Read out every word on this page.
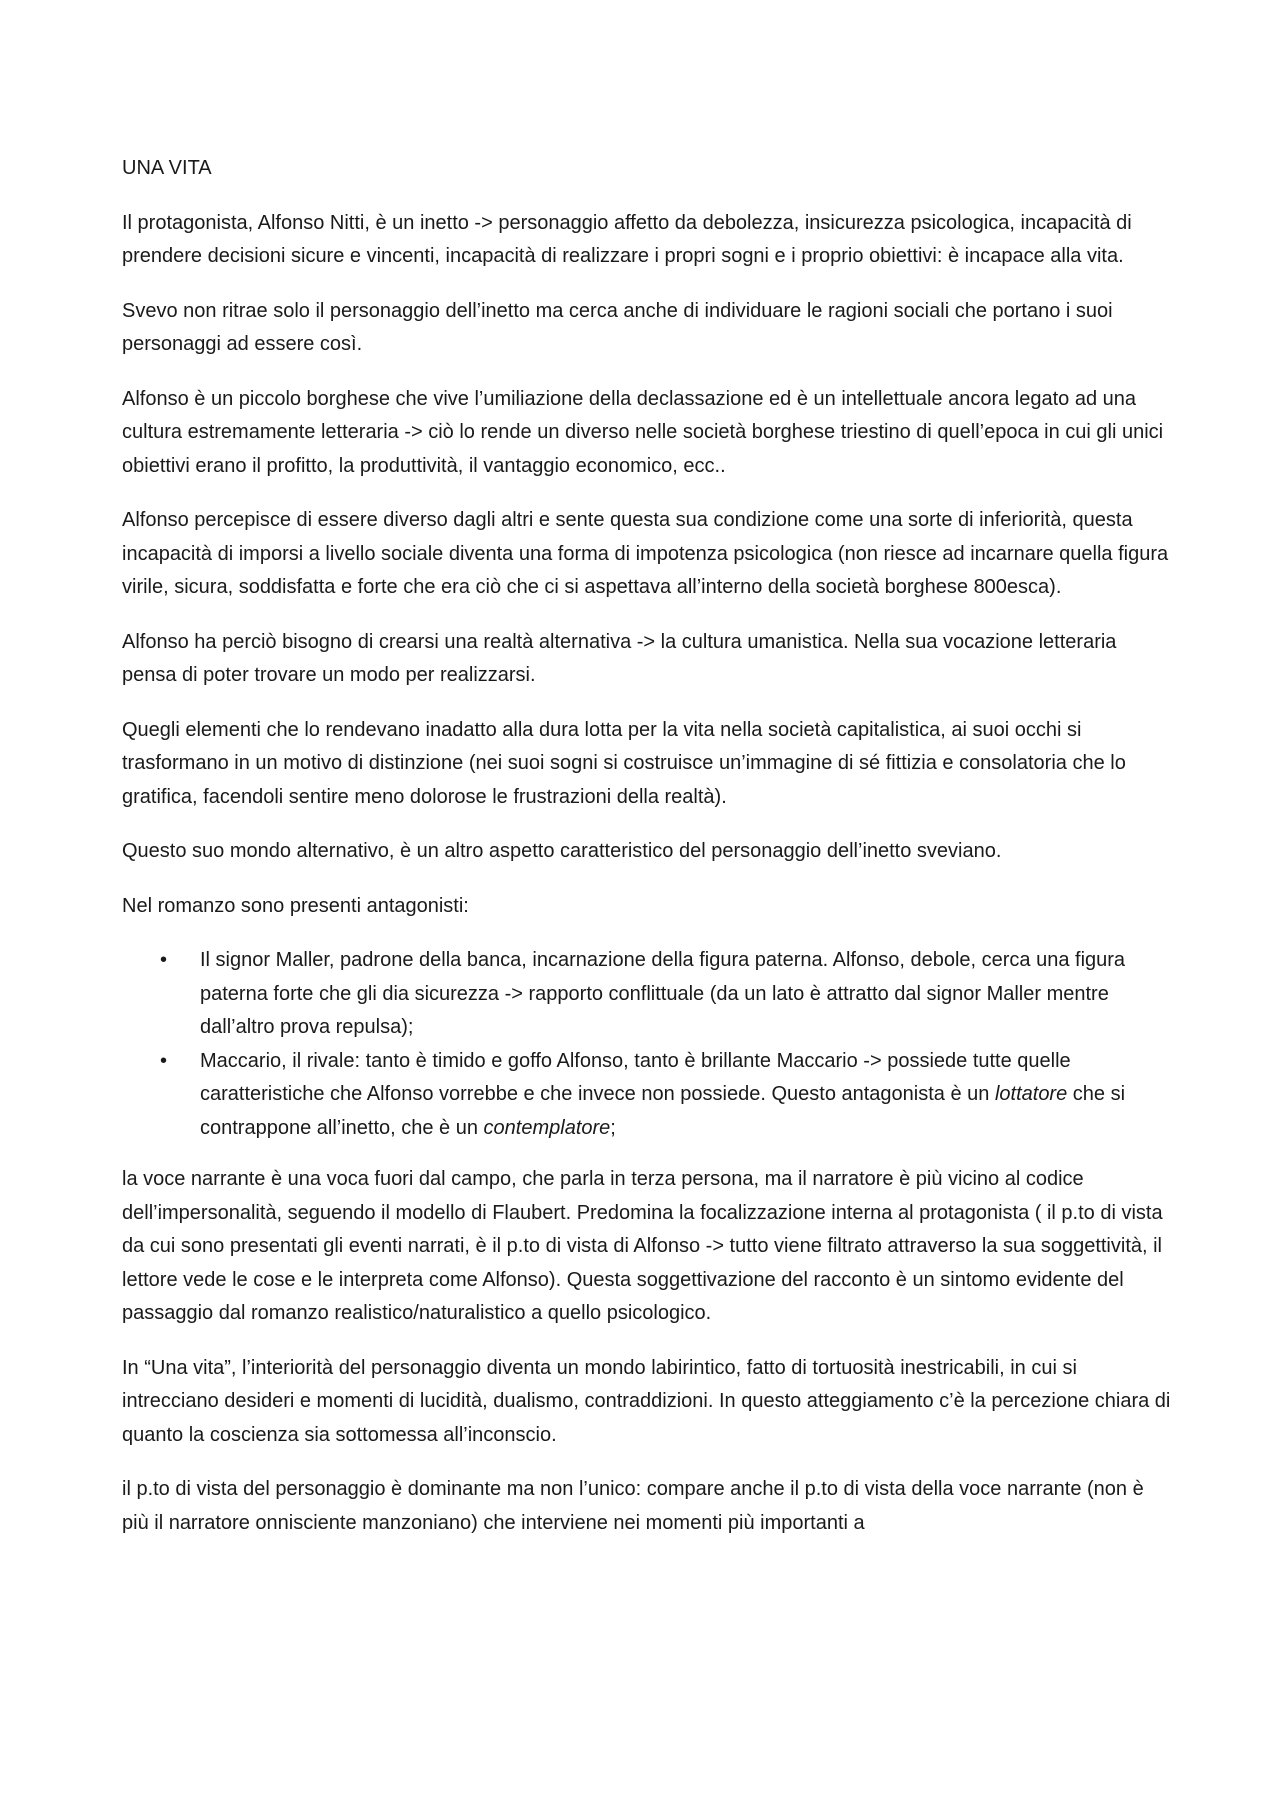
UNA VITA

Il protagonista, Alfonso Nitti, è un inetto -> personaggio affetto da debolezza, insicurezza psicologica, incapacità di prendere decisioni sicure e vincenti, incapacità di realizzare i propri sogni e i proprio obiettivi: è incapace alla vita.

Svevo non ritrae solo il personaggio dell’inetto ma cerca anche di individuare le ragioni sociali che portano i suoi personaggi ad essere così.

Alfonso è un piccolo borghese che vive l’umiliazione della declassazione ed è un intellettuale ancora legato ad una cultura estremamente letteraria -> ciò lo rende un diverso nelle società borghese triestino di quell’epoca in cui gli unici obiettivi erano il profitto, la produttività, il vantaggio economico, ecc..

Alfonso percepisce di essere diverso dagli altri e sente questa sua condizione come una sorte di inferiorità, questa incapacità di imporsi a livello sociale diventa una forma di impotenza psicologica (non riesce ad incarnare quella figura virile, sicura, soddisfatta e forte che era ciò che ci si aspettava all’interno della società borghese 800esca).

Alfonso ha perciò bisogno di crearsi una realtà alternativa -> la cultura umanistica. Nella sua vocazione letteraria pensa di poter trovare un modo per realizzarsi.

Quegli elementi che lo rendevano inadatto alla dura lotta per la vita nella società capitalistica, ai suoi occhi si trasformano in un motivo di distinzione (nei suoi sogni si costruisce un’immagine di sé fittizia e consolatoria che lo gratifica, facendoli sentire meno dolorose le frustrazioni della realtà).

Questo suo mondo alternativo, è un altro aspetto caratteristico del personaggio dell’inetto sveviano.

Nel romanzo sono presenti antagonisti:

• Il signor Maller, padrone della banca, incarnazione della figura paterna. Alfonso, debole, cerca una figura paterna forte che gli dia sicurezza -> rapporto conflittuale (da un lato è attratto dal signor Maller mentre dall’altro prova repulsa);
• Maccario, il rivale: tanto è timido e goffo Alfonso, tanto è brillante Maccario -> possiede tutte quelle caratteristiche che Alfonso vorrebbe e che invece non possiede. Questo antagonista è un lottatore che si contrappone all’inetto, che è un contemplatore;

la voce narrante è una voca fuori dal campo, che parla in terza persona, ma il narratore è più vicino al codice dell’impersonalità, seguendo il modello di Flaubert. Predomina la focalizzazione interna al protagonista ( il p.to di vista da cui sono presentati gli eventi narrati, è il p.to di vista di Alfonso -> tutto viene filtrato attraverso la sua soggettività, il lettore vede le cose e le interpreta come Alfonso). Questa soggettivazione del racconto è un sintomo evidente del passaggio dal romanzo realistico/naturalistico a quello psicologico.

In “Una vita”, l’interiorità del personaggio diventa un mondo labirintico, fatto di tortuosità inestricabili, in cui si intrecciano desideri e momenti di lucidità, dualismo, contraddizioni. In questo atteggiamento c’è la percezione chiara di quanto la coscienza sia sottomessa all’inconscio.

il p.to di vista del personaggio è dominante ma non l’unico: compare anche il p.to di vista della voce narrante (non è più il narratore onnisciente manzoniano) che interviene nei momenti più importanti a
